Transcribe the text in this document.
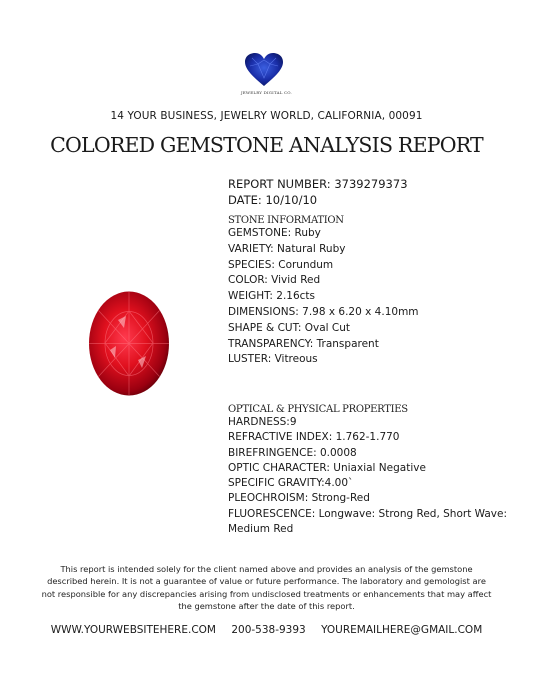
JEWELRY DIGITAL CO.
14 YOUR BUSINESS, JEWELRY WORLD, CALIFORNIA, 00091
COLORED GEMSTONE ANALYSIS REPORT
REPORT NUMBER: 3739279373
DATE: 10/10/10
STONE INFORMATION
GEMSTONE: Ruby
VARIETY: Natural Ruby
SPECIES: Corundum
COLOR: Vivid Red
WEIGHT: 2.16cts
DIMENSIONS: 7.98 x 6.20 x 4.10mm
SHAPE & CUT: Oval Cut
TRANSPARENCY: Transparent
LUSTER: Vitreous
OPTICAL & PHYSICAL PROPERTIES
HARDNESS:9
REFRACTIVE INDEX: 1.762-1.770
BIREFRINGENCE: 0.0008
OPTIC CHARACTER: Uniaxial Negative
SPECIFIC GRAVITY:4.00`
PLEOCHROISM: Strong-Red
FLUORESCENCE: Longwave: Strong Red, Short Wave: Medium Red
This report is intended solely for the client named above and provides an analysis of the gemstone described herein. It is not a guarantee of value or future performance. The laboratory and gemologist are not responsible for any discrepancies arising from undisclosed treatments or enhancements that may affect the gemstone after the date of this report.
WWW.YOURWEBSITEHERE.COM 200-538-9393 YOUREMAILHERE@GMAIL.COM
